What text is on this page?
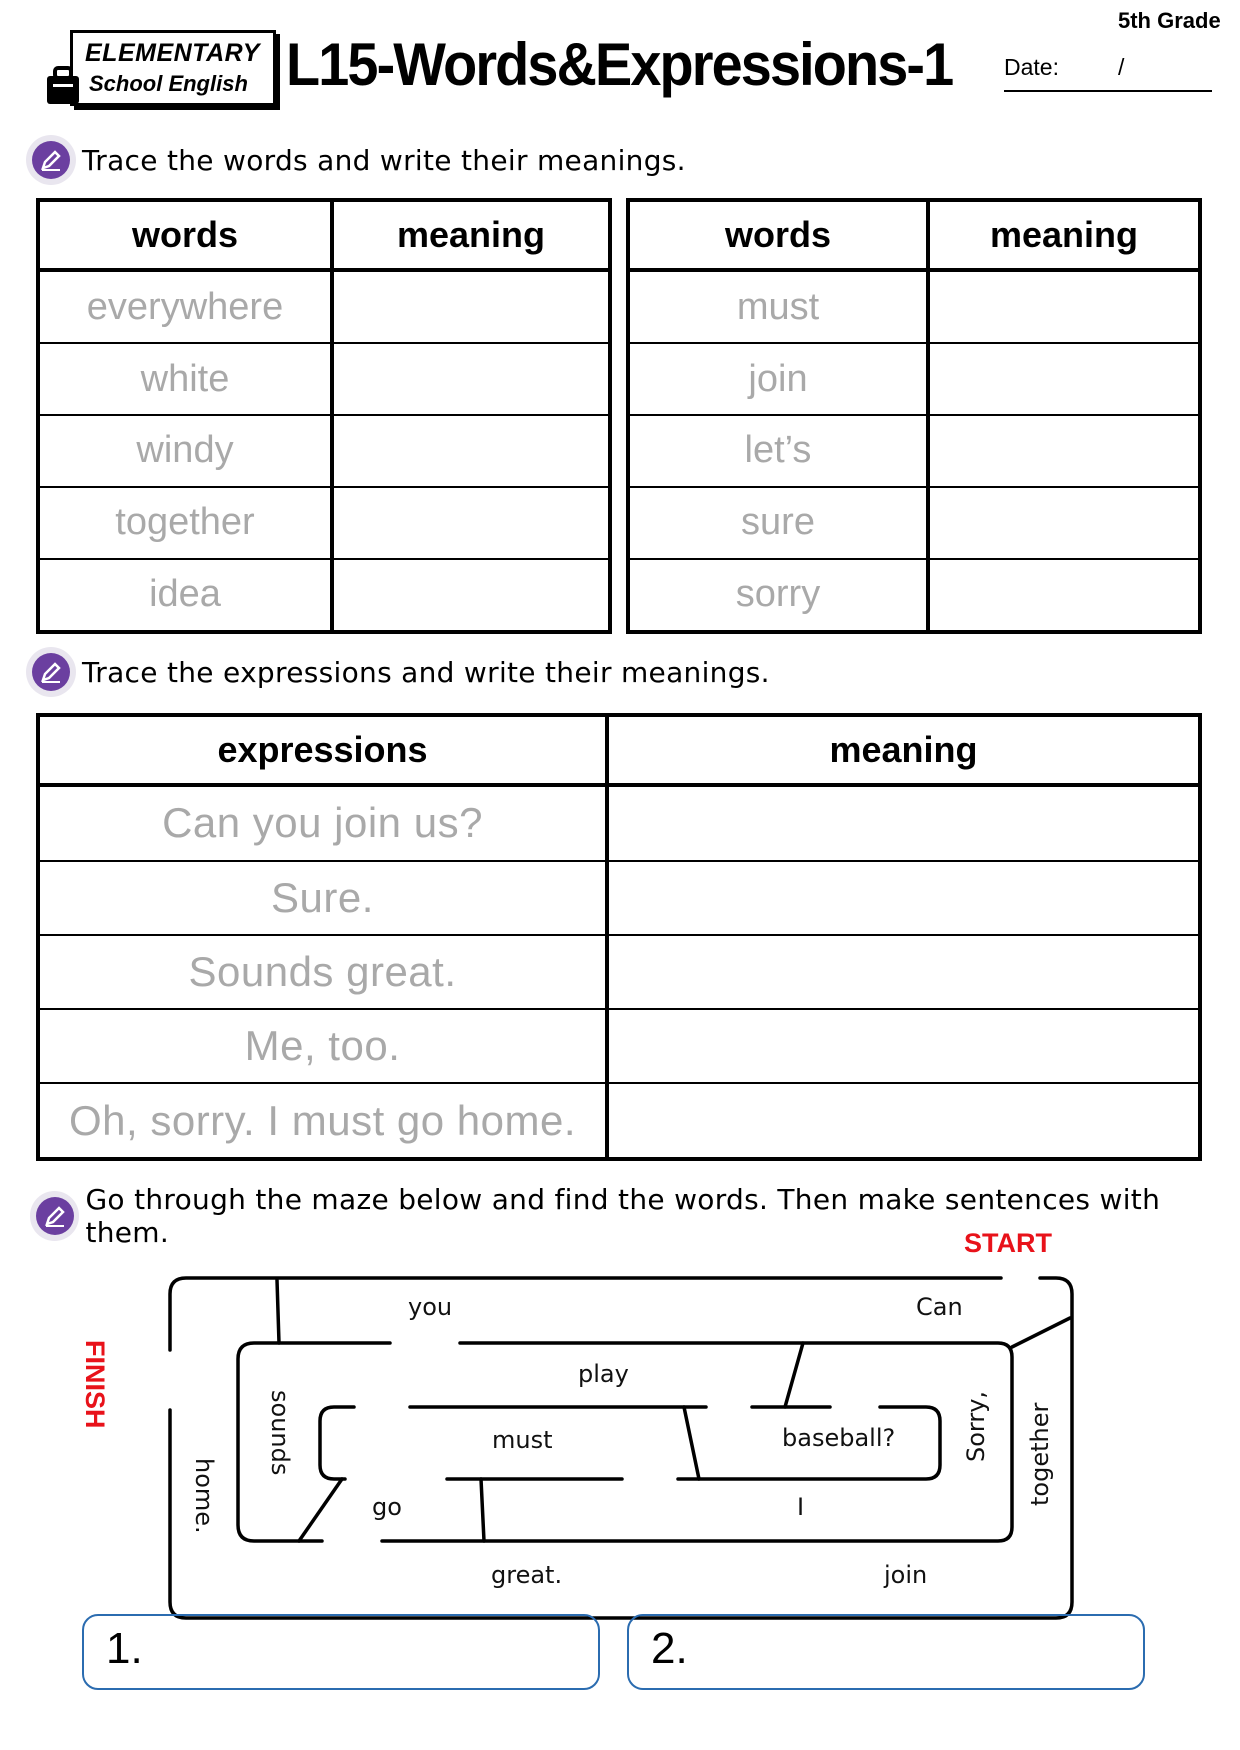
5th Grade
ELEMENTARY
School English L15-Words&Expressions-1 Date:	/
Trace the words and write their meanings.
words	meaning
everywhere	
white	
windy	
together	
idea	
words	meaning
must	
join	
let’s	
sure	
sorry	
Trace the expressions and write their meanings.
expressions	meaning
Can you join us?	
Sure.	
Sounds great.	
Me, too.	
Oh, sorry. I must go home.	
Go through the maze below and find the words. Then make sentences with them.	START
FINISH
you	Can
play
must	baseball?
go	I
great.	join
sounds
home.
Sorry, together
1.	2.
